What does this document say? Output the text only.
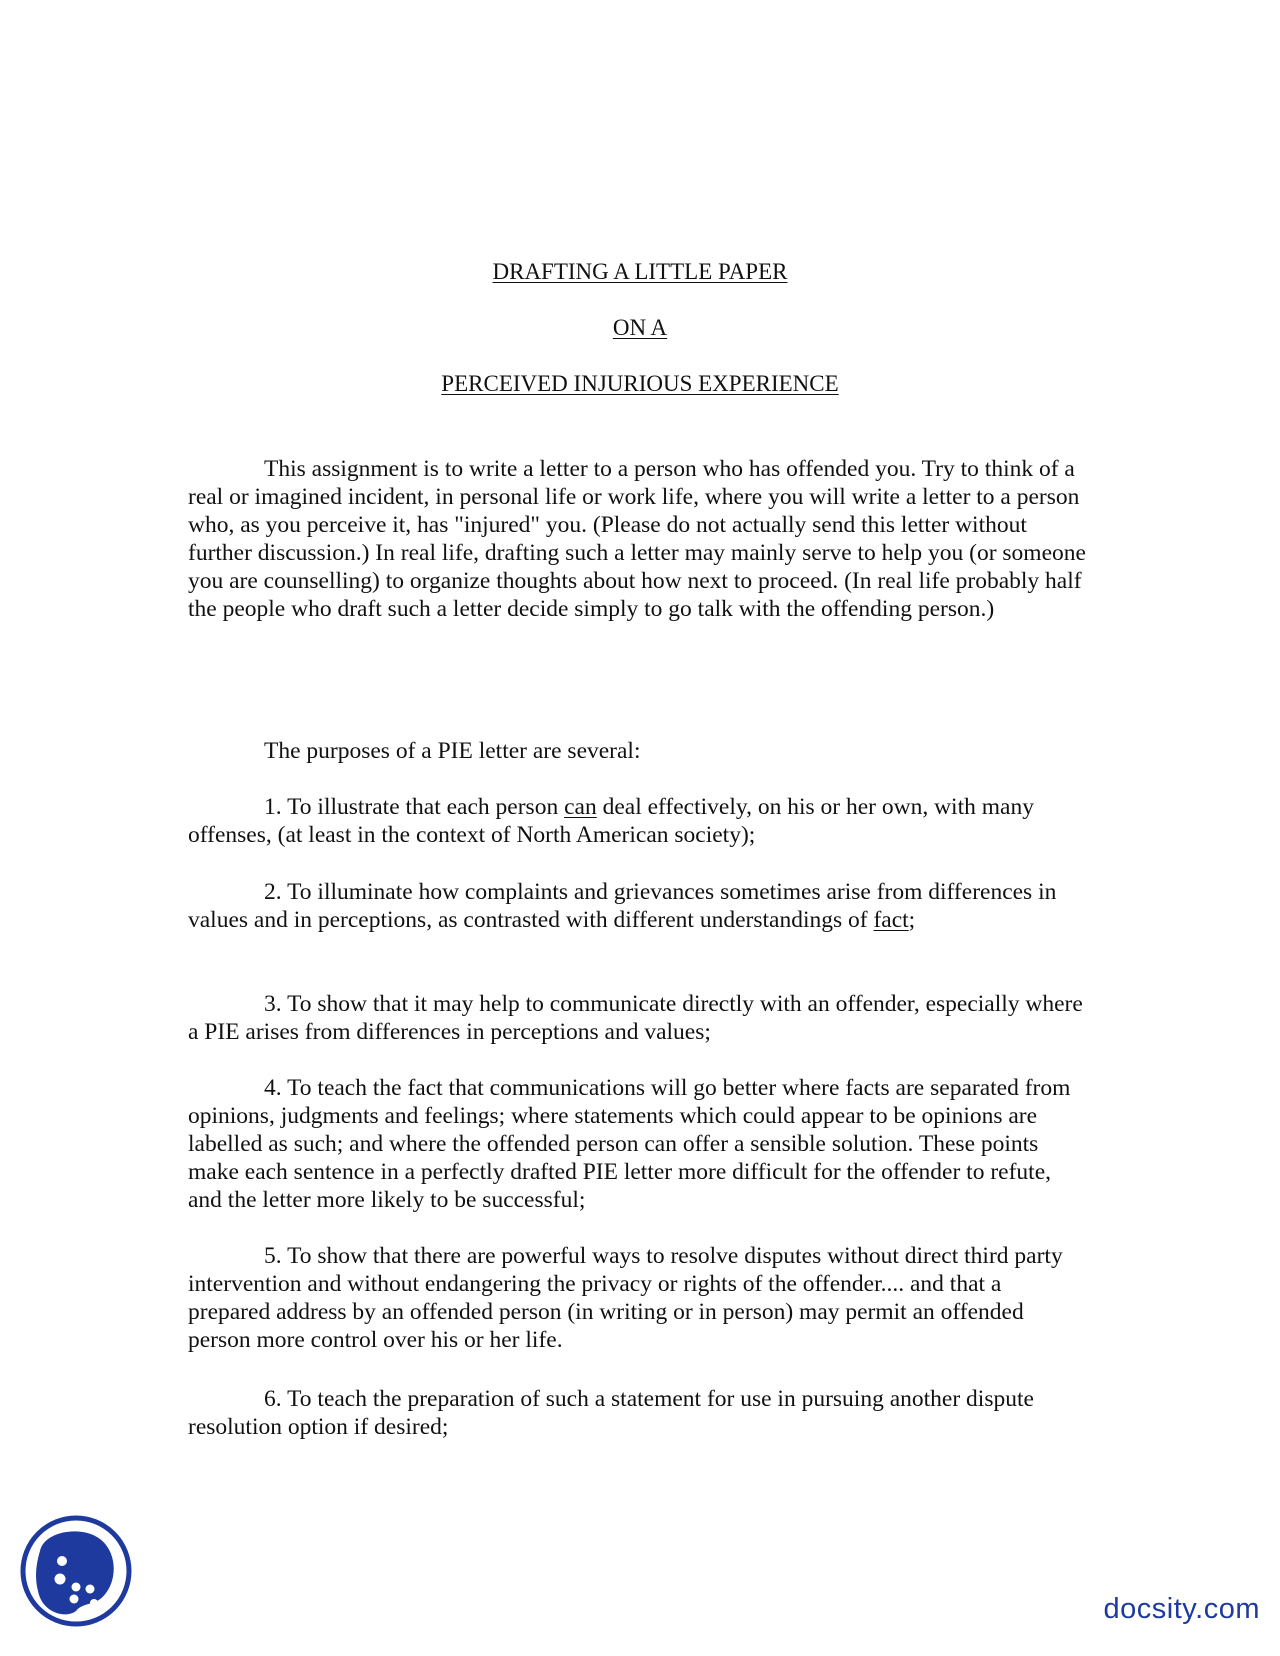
DRAFTING A LITTLE PAPER
ON A
PERCEIVED INJURIOUS EXPERIENCE

This assignment is to write a letter to a person who has offended you. Try to think of a real or imagined incident, in personal life or work life, where you will write a letter to a person who, as you perceive it, has "injured" you. (Please do not actually send this letter without further discussion.) In real life, drafting such a letter may mainly serve to help you (or someone you are counselling) to organize thoughts about how next to proceed. (In real life probably half the people who draft such a letter decide simply to go talk with the offending person.)

The purposes of a PIE letter are several:

1. To illustrate that each person can deal effectively, on his or her own, with many offenses, (at least in the context of North American society);

2. To illuminate how complaints and grievances sometimes arise from differences in values and in perceptions, as contrasted with different understandings of fact;

3. To show that it may help to communicate directly with an offender, especially where a PIE arises from differences in perceptions and values;

4. To teach the fact that communications will go better where facts are separated from opinions, judgments and feelings; where statements which could appear to be opinions are labelled as such; and where the offended person can offer a sensible solution. These points make each sentence in a perfectly drafted PIE letter more difficult for the offender to refute, and the letter more likely to be successful;

5. To show that there are powerful ways to resolve disputes without direct third party intervention and without endangering the privacy or rights of the offender.... and that a prepared address by an offended person (in writing or in person) may permit an offended person more control over his or her life.

6. To teach the preparation of such a statement for use in pursuing another dispute resolution option if desired;

docsity.com
